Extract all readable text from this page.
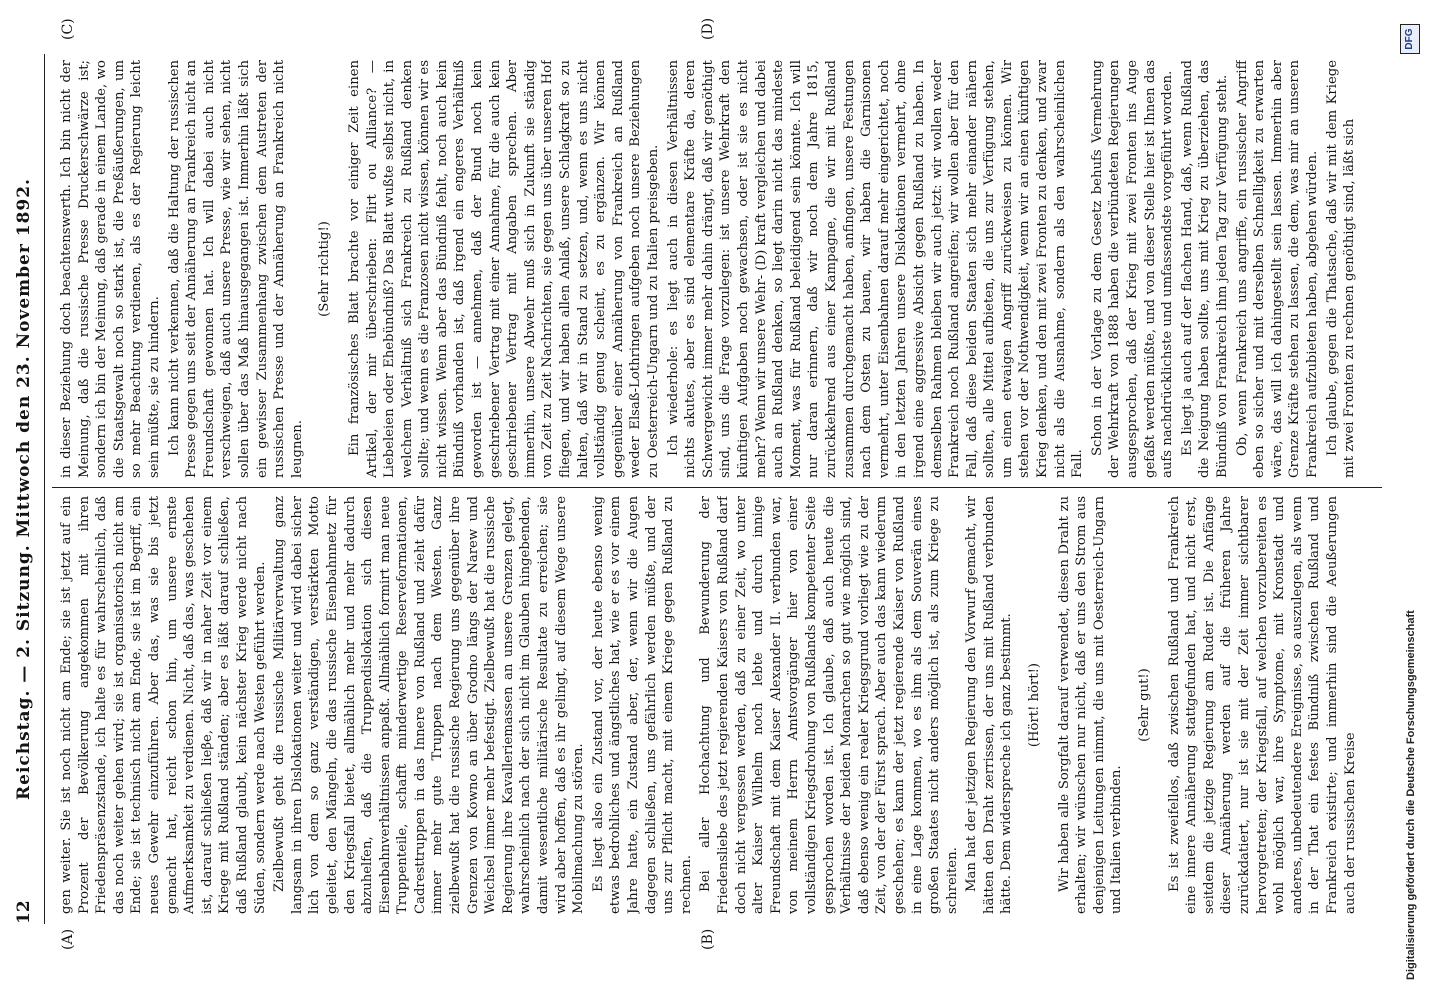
12
Reichstag. — 2. Sitzung. Mittwoch den 23. November 1892.
(A)	(B)
(C)	(D)

gen weiter. Sie ist noch nicht am Ende; sie ist jetzt auf ein Prozent der Bevölkerung angekommen mit ihren Friedenspräsenzstande, ich halte es für wahrscheinlich, daß das noch weiter gehen wird; sie ist organisatorisch nicht am Ende; sie ist technisch nicht am Ende, sie ist im Begriff, ein neues Gewehr einzuführen. Aber das, was sie bis jetzt gemacht hat, reicht schon hin, um unsere ernste Aufmerksamkeit zu verdienen. Nicht, daß das, was geschehen ist, darauf schließen lieβe, daß wir in naher Zeit vor einem Kriege mit Rußland ständen; aber es läßt darauf schließen, daß Rußland glaubt, kein nächster Krieg werde nicht nach Süden, sondern werde nach Westen geführt werden. Zielbewußt geht die russische Militärverwaltung ganz langsam in ihren Dislokationen weiter und wird dabei sicher lich von dem so ganz verständigen, verstärkten Motto geleitet, den Mängeln, die das russische Eisenbahnnetz für den Kriegsfall bietet, allmählich mehr und mehr dadurch abzuhelfen, daß die Truppendislokation sich diesen Eisenbahnverhältnissen anpaßt. Allmählich formirt man neue Truppenteile, schafft minderwertige Reserveformationen, Cadresttruppen in das Innere von Rußland und zieht dafür immer mehr gute Truppen nach dem Westen. Ganz zielbewußt hat die russische Regierung uns gegenüber ihre Grenzen von Kowno an über Grodno längs der Narew und Weichsel immer mehr befestigt. Zielbewußt hat die russische Regierung ihre Kavalleriemassen an unsere Grenzen gelegt, wahrscheinlich nach der sich nicht im Glauben hingebenden, damit wesentliche militärische Resultate zu erreichen; sie wird aber hoffen, daß es ihr gelingt, auf diesem Wege unsere Mobilmachung zu stören. Es liegt also ein Zustand vor, der heute ebenso wenig etwas bedrohliches und ängstliches hat, wie er es vor einem Jahre hatte, ein Zustand aber, der, wenn wir die Augen dagegen schließen, uns gefährlich werden müßte, und der uns zur Pflicht macht, mit einem Kriege gegen Rußland zu rechnen. Bei aller Hochachtung und Bewunderung der Friedensliebe des jetzt regierenden Kaisers von Rußland darf doch nicht vergessen werden, daß zu einer Zeit, wo unter alter Kaiser Wilhelm noch lebte und durch innige Freundschaft mit dem Kaiser Alexander II. verbunden war, von meinem Herrn Amtsvorgänger hier von einer vollständigen Kriegsdrohung von Rußlands kompetenter Seite gesprochen worden ist. Ich glaube, daß auch heute die Verhältnisse der beiden Monarchen so gut wie möglich sind, daß ebenso wenig ein realer Kriegsgrund vorliegt wie zu der Zeit, von der der Fürst sprach. Aber auch das kann wiederum geschehen; es kann der jetzt regierende Kaiser von Rußland in eine Lage kommen, wo es ihm als dem Souverän eines großen Staates nicht anders möglich ist, als zum Kriege zu schreiten. Man hat der jetzigen Regierung den Vorwurf gemacht, wir hätten den Draht zerrissen, der uns mit Rußland verbunden hätte. Dem widerspreche ich ganz bestimmt. (Hört! hört!) Wir haben alle Sorgfalt darauf verwendet, diesen Draht zu erhalten; wir wünschen nur nicht, daß er uns den Strom aus denjenigen Leitungen nimmt, die uns mit Oesterreich-Ungarn und Italien verbinden.

(Sehr gut!) Es ist zweifellos, daß zwischen Rußland und Frankreich eine innere Annäherung stattgefunden hat, und nicht erst, seitdem die jetzige Regierung am Ruder ist. Die Anfänge dieser Annäherung werden auf die früheren Jahre zurückdatiert, nur ist sie mit der Zeit immer sichtbarer hervorgetreten; der Kriegsfall, auf welchen vorzubereiten es wohl möglich war, ihre Symptome, mit Kronstadt und anderes, unbedeutendere Ereignisse, so auszulegen, als wenn in der That ein festes Bündniß zwischen Rußland und Frankreich existirte; und immerhin sind die Aeußerungen auch der russischen Kreise

in dieser Beziehung doch beachtenswerth. Ich bin nicht der Meinung, daß die russische Presse Druckerschwärze ist; sondern ich bin der Meinung, daß gerade in einem Lande, wo die Staatsgewalt noch so stark ist, die Preßäußerungen, um so mehr Beachtung verdienen, als es der Regierung leicht sein müßte, sie zu hindern. Ich kann nicht verkennen, daß die Haltung der russischen Presse gegen uns seit der Annäherung an Frankreich nicht an Freundschaft gewonnen hat. Ich will dabei auch nicht verschweigen, daß auch unsere Presse, wie wir sehen, nicht sollen über das Maß hinausgegangen ist. Immerhin läßt sich ein gewisser Zusammenhang zwischen dem Austreten der russischen Presse und der Annäherung an Frankreich nicht leugnen.

(Sehr richtig!) Ein französisches Blatt brachte vor einiger Zeit einen Artikel, der mir überschrieben: Flirt ou Alliance? — Liebeleien oder Ehebündniß? Das Blatt wußte selbst nicht, in welchem Verhältniß sich Frankreich zu Rußland denken sollte; und wenn es die Franzosen nicht wissen, können wir es nicht wissen. Wenn aber das Bündniß fehlt, noch auch kein Bündniß vorhanden ist, daß irgend ein engeres Verhältniß geworden ist — annehmen, daß der Bund noch kein geschriebener Vertrag mit einer Annahme, für die auch kein geschriebener Vertrag mit Angaben sprechen. Aber immerhin, unsere Abwehr muß sich in Zukunft sie ständig von Zeit zu Zeit Nachrichten, sie gegen uns über unseren Hof fliegen, und wir haben allen Anlaß, unsere Schlagkraft so zu halten, daß wir in Stand zu setzen, und, wenn es uns nicht vollständig genug scheint, es zu ergänzen. Wir können gegenüber einer Annäherung von Frankreich an Rußland weder Elsaß-Lothringen aufgeben noch unsere Beziehungen zu Oesterreich-Ungarn und zu Italien preisgeben. Ich wiederhole: es liegt auch in diesen Verhältnissen nichts akutes, aber es sind elementare Kräfte da, deren Schwergewicht immer mehr dahin drängt, daß wir genöthigt sind, uns die Frage vorzulegen: ist unsere Wehrkraft den künftigen Aufgaben noch gewachsen, oder ist sie es nicht mehr? Wenn wir unsere Wehr- (D) kraft vergleichen und dabei auch an Rußland denken, so liegt darin nicht das mindeste Moment, was für Rußland beleidigend sein könnte. Ich will nur daran erinnern, daß wir noch dem Jahre 1815, zurückkehrend aus einer Kampagne, die wir mit Rußland zusammen durchgemacht haben, anfingen, unsere Festungen nach dem Osten zu bauen, wir haben die Garnisonen vermehrt, unter Eisenbahnen darauf mehr eingerichtet, noch in den letzten Jahren unsere Dislokationen vermehrt, ohne irgend eine aggressive Absicht gegen Rußland zu haben. In demselben Rahmen bleiben wir auch jetzt: wir wollen weder Frankreich noch Rußland angreifen; wir wollen aber für den Fall, daß diese beiden Staaten sich mehr einander nähern sollten, alle Mittel aufbieten, die uns zur Verfügung stehen, um einen etwaigen Angriff zurückweisen zu können. Wir stehen vor der Nothwendigkeit, wenn wir an einen künftigen Krieg denken, und den mit zwei Fronten zu denken, und zwar nicht als die Ausnahme, sondern als den wahrscheinlichen Fall.

Schon in der Vorlage zu dem Gesetz behufs Vermehrung der Wehrkraft von 1888 haben die verbündeten Regierungen ausgesprochen, daß der Krieg mit zwei Fronten ins Auge gefaßt werden müßte, und von dieser Stelle hier ist Ihnen das aufs nachdrücklichste und umfassendste vorgeführt worden. Es liegt ja auch auf der flachen Hand, daß, wenn Rußland die Neigung haben sollte, uns mit Krieg zu überziehen, das Bündniß von Frankreich ihm jeden Tag zur Verfügung steht. Ob, wenn Frankreich uns angriffe, ein russischer Angriff eben so sicher und mit derselben Schnelligkeit zu erwarten wäre, das will ich dahingestellt sein lassen. Immerhin aber Grenze Kräfte stehen zu lassen, die dem, was mir an unseren Frankreich aufzubieten haben, abgehen würden. Ich glaube, gegen die Thatsache, daß wir mit dem Kriege mit zwei Fronten zu rechnen genöthigt sind, läßt sich

Digitalisierung gefördert durch die Deutsche Forschungsgemeinschaft
DFG
